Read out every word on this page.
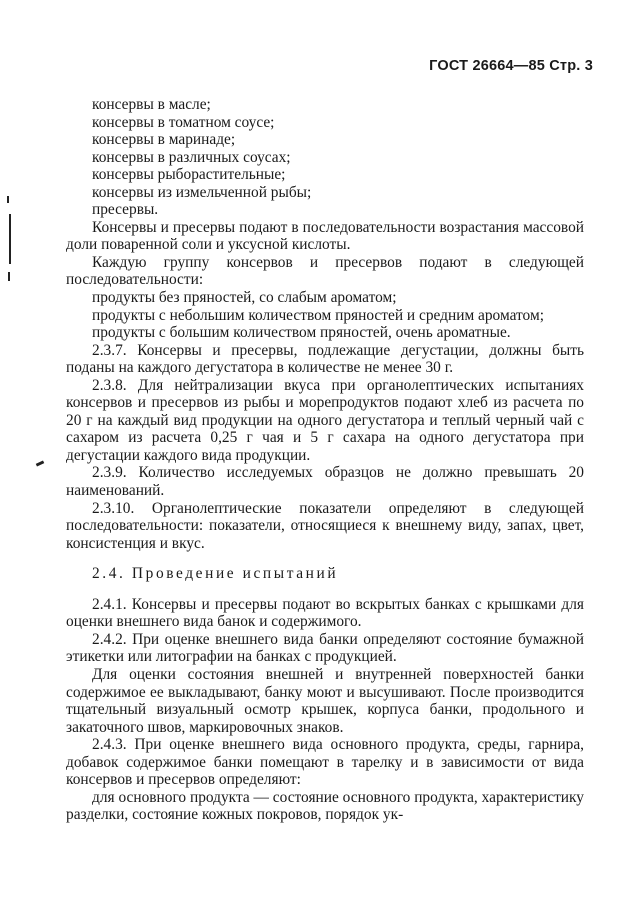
ГОСТ 26664—85 Стр. 3

консервы в масле;

консервы в томатном соусе;

консервы в маринаде;

консервы в различных соусах;

консервы рыборастительные;

консервы из измельченной рыбы;

пресервы.

Консервы и пресервы подают в последовательности возрастания массовой доли поваренной соли и уксусной кислоты.

Каждую группу консервов и пресервов подают в следующей последовательности:

продукты без пряностей, со слабым ароматом;

продукты с небольшим количеством пряностей и средним ароматом;

продукты с большим количеством пряностей, очень ароматные.

2.3.7. Консервы и пресервы, подлежащие дегустации, должны быть поданы на каждого дегустатора в количестве не менее 30 г.

2.3.8. Для нейтрализации вкуса при органолептических испытаниях консервов и пресервов из рыбы и морепродуктов подают хлеб из расчета по 20 г на каждый вид продукции на одного дегустатора и теплый черный чай с сахаром из расчета 0,25 г чая и 5 г сахара на одного дегустатора при дегустации каждого вида продукции.

2.3.9. Количество исследуемых образцов не должно превышать 20 наименований.

2.3.10. Органолептические показатели определяют в следующей последовательности: показатели, относящиеся к внешнему виду, запах, цвет, консистенция и вкус.

2.4. Проведение испытаний

2.4.1. Консервы и пресервы подают во вскрытых банках с крышками для оценки внешнего вида банок и содержимого.

2.4.2. При оценке внешнего вида банки определяют состояние бумажной этикетки или литографии на банках с продукцией.

Для оценки состояния внешней и внутренней поверхностей банки содержимое ее выкладывают, банку моют и высушивают. После производится тщательный визуальный осмотр крышек, корпуса банки, продольного и закаточного швов, маркировочных знаков.

2.4.3. При оценке внешнего вида основного продукта, среды, гарнира, добавок содержимое банки помещают в тарелку и в зависимости от вида консервов и пресервов определяют:

для основного продукта — состояние основного продукта, характеристику разделки, состояние кожных покровов, порядок ук-
